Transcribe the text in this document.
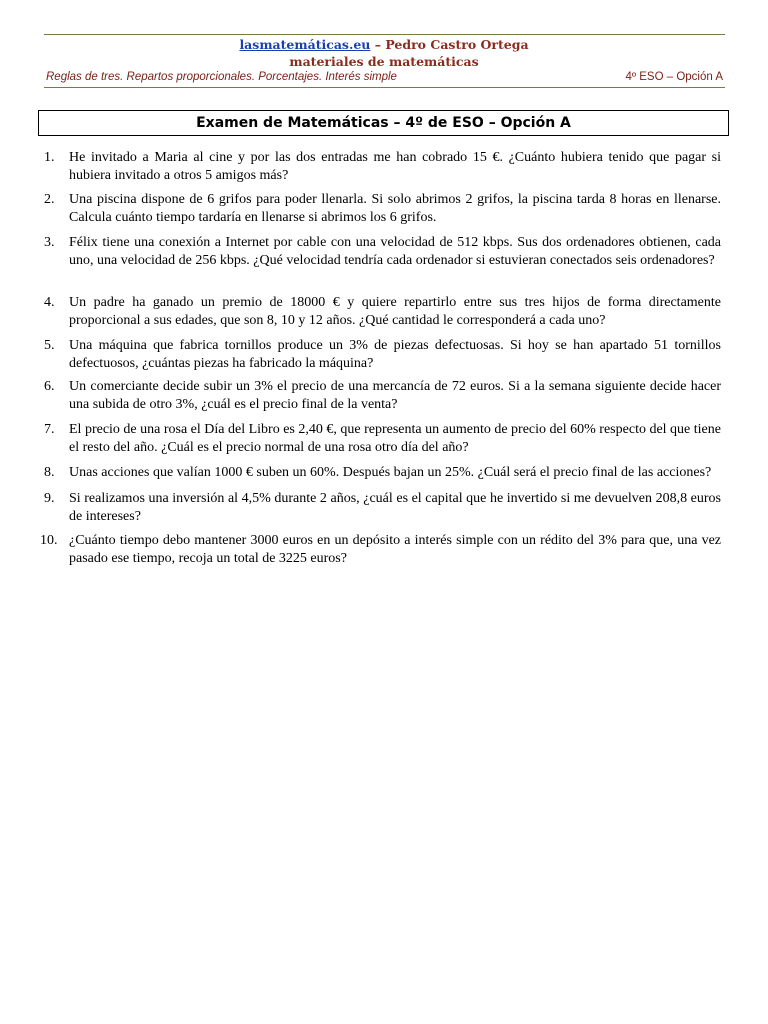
lasmatemáticas.eu – Pedro Castro Ortega
materiales de matemáticas
Reglas de tres. Repartos proporcionales. Porcentajes. Interés simple	4º ESO – Opción A
Examen de Matemáticas – 4º de ESO – Opción A
1.	He invitado a Maria al cine y por las dos entradas me han cobrado 15 €. ¿Cuánto hubiera tenido que pagar si hubiera invitado a otros 5 amigos más?
2.	Una piscina dispone de 6 grifos para poder llenarla. Si solo abrimos 2 grifos, la piscina tarda 8 horas en llenarse. Calcula cuánto tiempo tardaría en llenarse si abrimos los 6 grifos.
3.	Félix tiene una conexión a Internet por cable con una velocidad de 512 kbps. Sus dos ordenadores obtienen, cada uno, una velocidad de 256 kbps. ¿Qué velocidad tendría cada ordenador si estuvieran conectados seis ordenadores?
4.	Un padre ha ganado un premio de 18000 € y quiere repartirlo entre sus tres hijos de forma directamente proporcional a sus edades, que son 8, 10 y 12 años. ¿Qué cantidad le corresponderá a cada uno?
5.	Una máquina que fabrica tornillos produce un 3% de piezas defectuosas. Si hoy se han apartado 51 tornillos defectuosos, ¿cuántas piezas ha fabricado la máquina?
6.	Un comerciante decide subir un 3% el precio de una mercancía de 72 euros. Si a la semana siguiente decide hacer una subida de otro 3%, ¿cuál es el precio final de la venta?
7.	El precio de una rosa el Día del Libro es 2,40 €, que representa un aumento de precio del 60% respecto del que tiene el resto del año. ¿Cuál es el precio normal de una rosa otro día del año?
8.	Unas acciones que valían 1000 € suben un 60%. Después bajan un 25%. ¿Cuál será el precio final de las acciones?
9.	Si realizamos una inversión al 4,5% durante 2 años, ¿cuál es el capital que he invertido si me devuelven 208,8 euros de intereses?
10. ¿Cuánto tiempo debo mantener 3000 euros en un depósito a interés simple con un rédito del 3% para que, una vez pasado ese tiempo, recoja un total de 3225 euros?
